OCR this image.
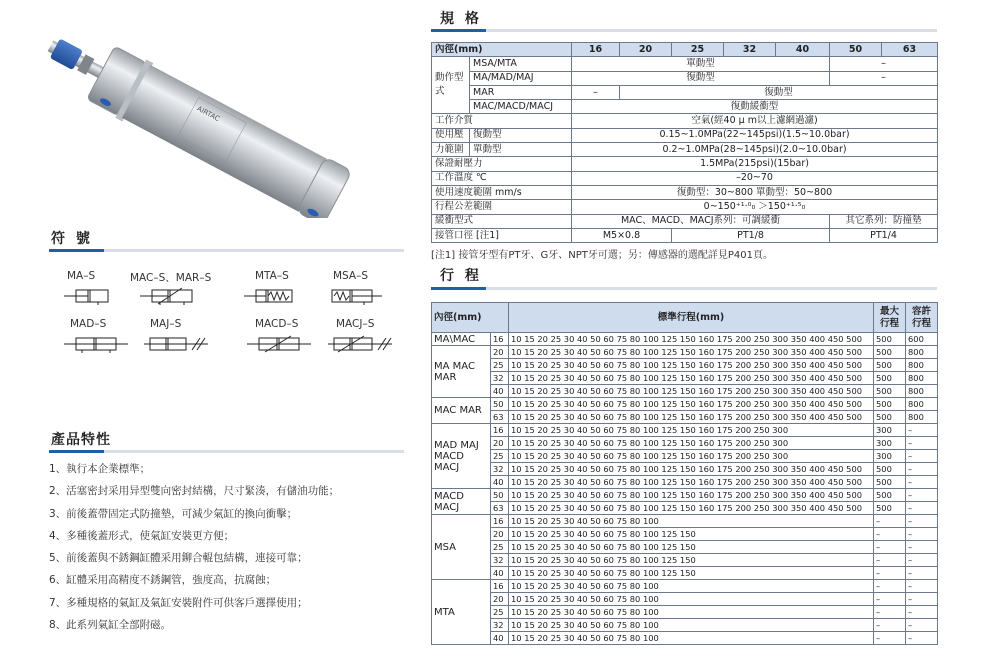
AIRTAC
符 號
MA–S	MAC–S、MAR–S	MTA–S	MSA–S
MAD–S	MAJ–S	MACD–S	MACJ–S
產品特性
1、執行本企業標準；
2、活塞密封采用异型雙向密封結構，尺寸緊湊，有儲油功能；
3、前後蓋帶固定式防撞墊，可減少氣缸的換向衝擊；
4、多種後蓋形式，使氣缸安裝更方便；
5、前後蓋與不銹鋼缸體采用鉚合輥包結構，連接可靠；
6、缸體采用高精度不銹鋼管，強度高，抗腐蝕；
7、多種規格的氣缸及氣缸安裝附件可供客戶選擇使用；
8、此系列氣缸全部附磁。
規 格
內徑(mm)		16	20	25	32	40	50	63
動作型式	MSA/MTA	單動型					–	
	MA/MAD/MAJ	復動型					–	
	MAR	–	復動型					
	MAC/MACD/MACJ	復動緩衝型						
工作介質		空氣(經40 μ m以上濾網過濾)						
使用壓	復動型	0.15~1.0MPa(22~145psi)(1.5~10.0bar)						
力範圍	單動型	0.2~1.0MPa(28~145psi)(2.0~10.0bar)						
保證耐壓力		1.5MPa(215psi)(15bar)						
工作溫度 ℃		–20~70						
使用速度範圍 mm/s		復動型：30~800 單動型：50~800						
行程公差範圍		0~150⁺¹·⁰₀ ＞150⁺¹·⁵₀						
緩衝型式		MAC、MACD、MACJ系列：可調緩衝					其它系列：防撞墊	
接管口徑 [注1]		M5×0.8		PT1/8			PT1/4	
[注1] 接管牙型有PT牙、G牙、NPT牙可選；另：傳感器的選配詳見P401頁。
行 程
內徑(mm)		標準行程(mm)	最大行程	容許行程
MA\MAC	16	10 15 20 25 30 40 50 60 75 80 100 125 150 160 175 200 250 300 350 400 450 500	500	600
MA MAC MAR	20	10 15 20 25 30 40 50 60 75 80 100 125 150 160 175 200 250 300 350 400 450 500	500	800
	25	10 15 20 25 30 40 50 60 75 80 100 125 150 160 175 200 250 300 350 400 450 500	500	800
	32	10 15 20 25 30 40 50 60 75 80 100 125 150 160 175 200 250 300 350 400 450 500	500	800
	40	10 15 20 25 30 40 50 60 75 80 100 125 150 160 175 200 250 300 350 400 450 500	500	800
MAC MAR	50	10 15 20 25 30 40 50 60 75 80 100 125 150 160 175 200 250 300 350 400 450 500	500	800
	63	10 15 20 25 30 40 50 60 75 80 100 125 150 160 175 200 250 300 350 400 450 500	500	800
MAD MAJ MACD MACJ	16	10 15 20 25 30 40 50 60 75 80 100 125 150 160 175 200 250 300	300	–
	20	10 15 20 25 30 40 50 60 75 80 100 125 150 160 175 200 250 300	300	–
	25	10 15 20 25 30 40 50 60 75 80 100 125 150 160 175 200 250 300	300	–
	32	10 15 20 25 30 40 50 60 75 80 100 125 150 160 175 200 250 300 350 400 450 500	500	–
	40	10 15 20 25 30 40 50 60 75 80 100 125 150 160 175 200 250 300 350 400 450 500	500	–
MACD MACJ	50	10 15 20 25 30 40 50 60 75 80 100 125 150 160 175 200 250 300 350 400 450 500	500	–
	63	10 15 20 25 30 40 50 60 75 80 100 125 150 160 175 200 250 300 350 400 450 500	500	–
MSA	16	10 15 20 25 30 40 50 60 75 80 100	–	–
	20	10 15 20 25 30 40 50 60 75 80 100 125 150	–	–
	25	10 15 20 25 30 40 50 60 75 80 100 125 150	–	–
	32	10 15 20 25 30 40 50 60 75 80 100 125 150	–	–
	40	10 15 20 25 30 40 50 60 75 80 100 125 150	–	–
MTA	16	10 15 20 25 30 40 50 60 75 80 100	–	–
	20	10 15 20 25 30 40 50 60 75 80 100	–	–
	25	10 15 20 25 30 40 50 60 75 80 100	–	–
	32	10 15 20 25 30 40 50 60 75 80 100	–	–
	40	10 15 20 25 30 40 50 60 75 80 100	–	–
